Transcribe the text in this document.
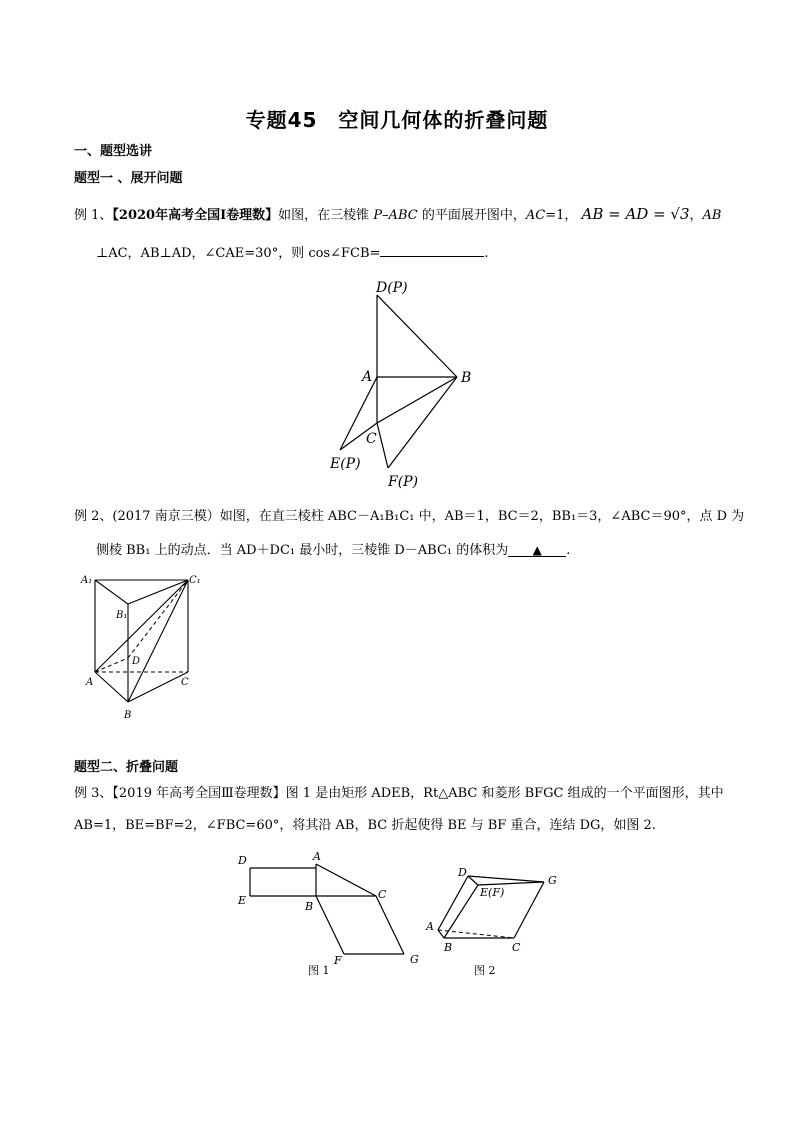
专题45　空间几何体的折叠问题
一、题型选讲
题型一 、展开问题
例 1、【2020年高考全国Ⅰ卷理数】如图，在三棱锥 P–ABC 的平面展开图中，AC=1， AB = AD = √3，AB
⊥AC，AB⊥AD，∠CAE=30°，则 cos∠FCB=	.
D(P)
A	B
C
E(P)
F(P)
例 2、(2017 南京三模）如图，在直三棱柱 ABC－A₁B₁C₁ 中，AB＝1，BC＝2，BB₁＝3，∠ABC＝90°，点 D 为
侧棱 BB₁ 上的动点．当 AD＋DC₁ 最小时，三棱锥 D－ABC₁ 的体积为 ▲ .
A₁	C₁
B₁
D
A	C
B
题型二、折叠问题
例 3、【2019 年高考全国Ⅲ卷理数】图 1 是由矩形 ADEB，Rt△ABC 和菱形 BFGC 组成的一个平面图形，其中
AB=1，BE=BF=2，∠FBC=60°，将其沿 AB，BC 折起使得 BE 与 BF 重合，连结 DG，如图 2.
D	A
E	B
C
F	G
图 1
D
E(F)
G
A
B	C
图 2
